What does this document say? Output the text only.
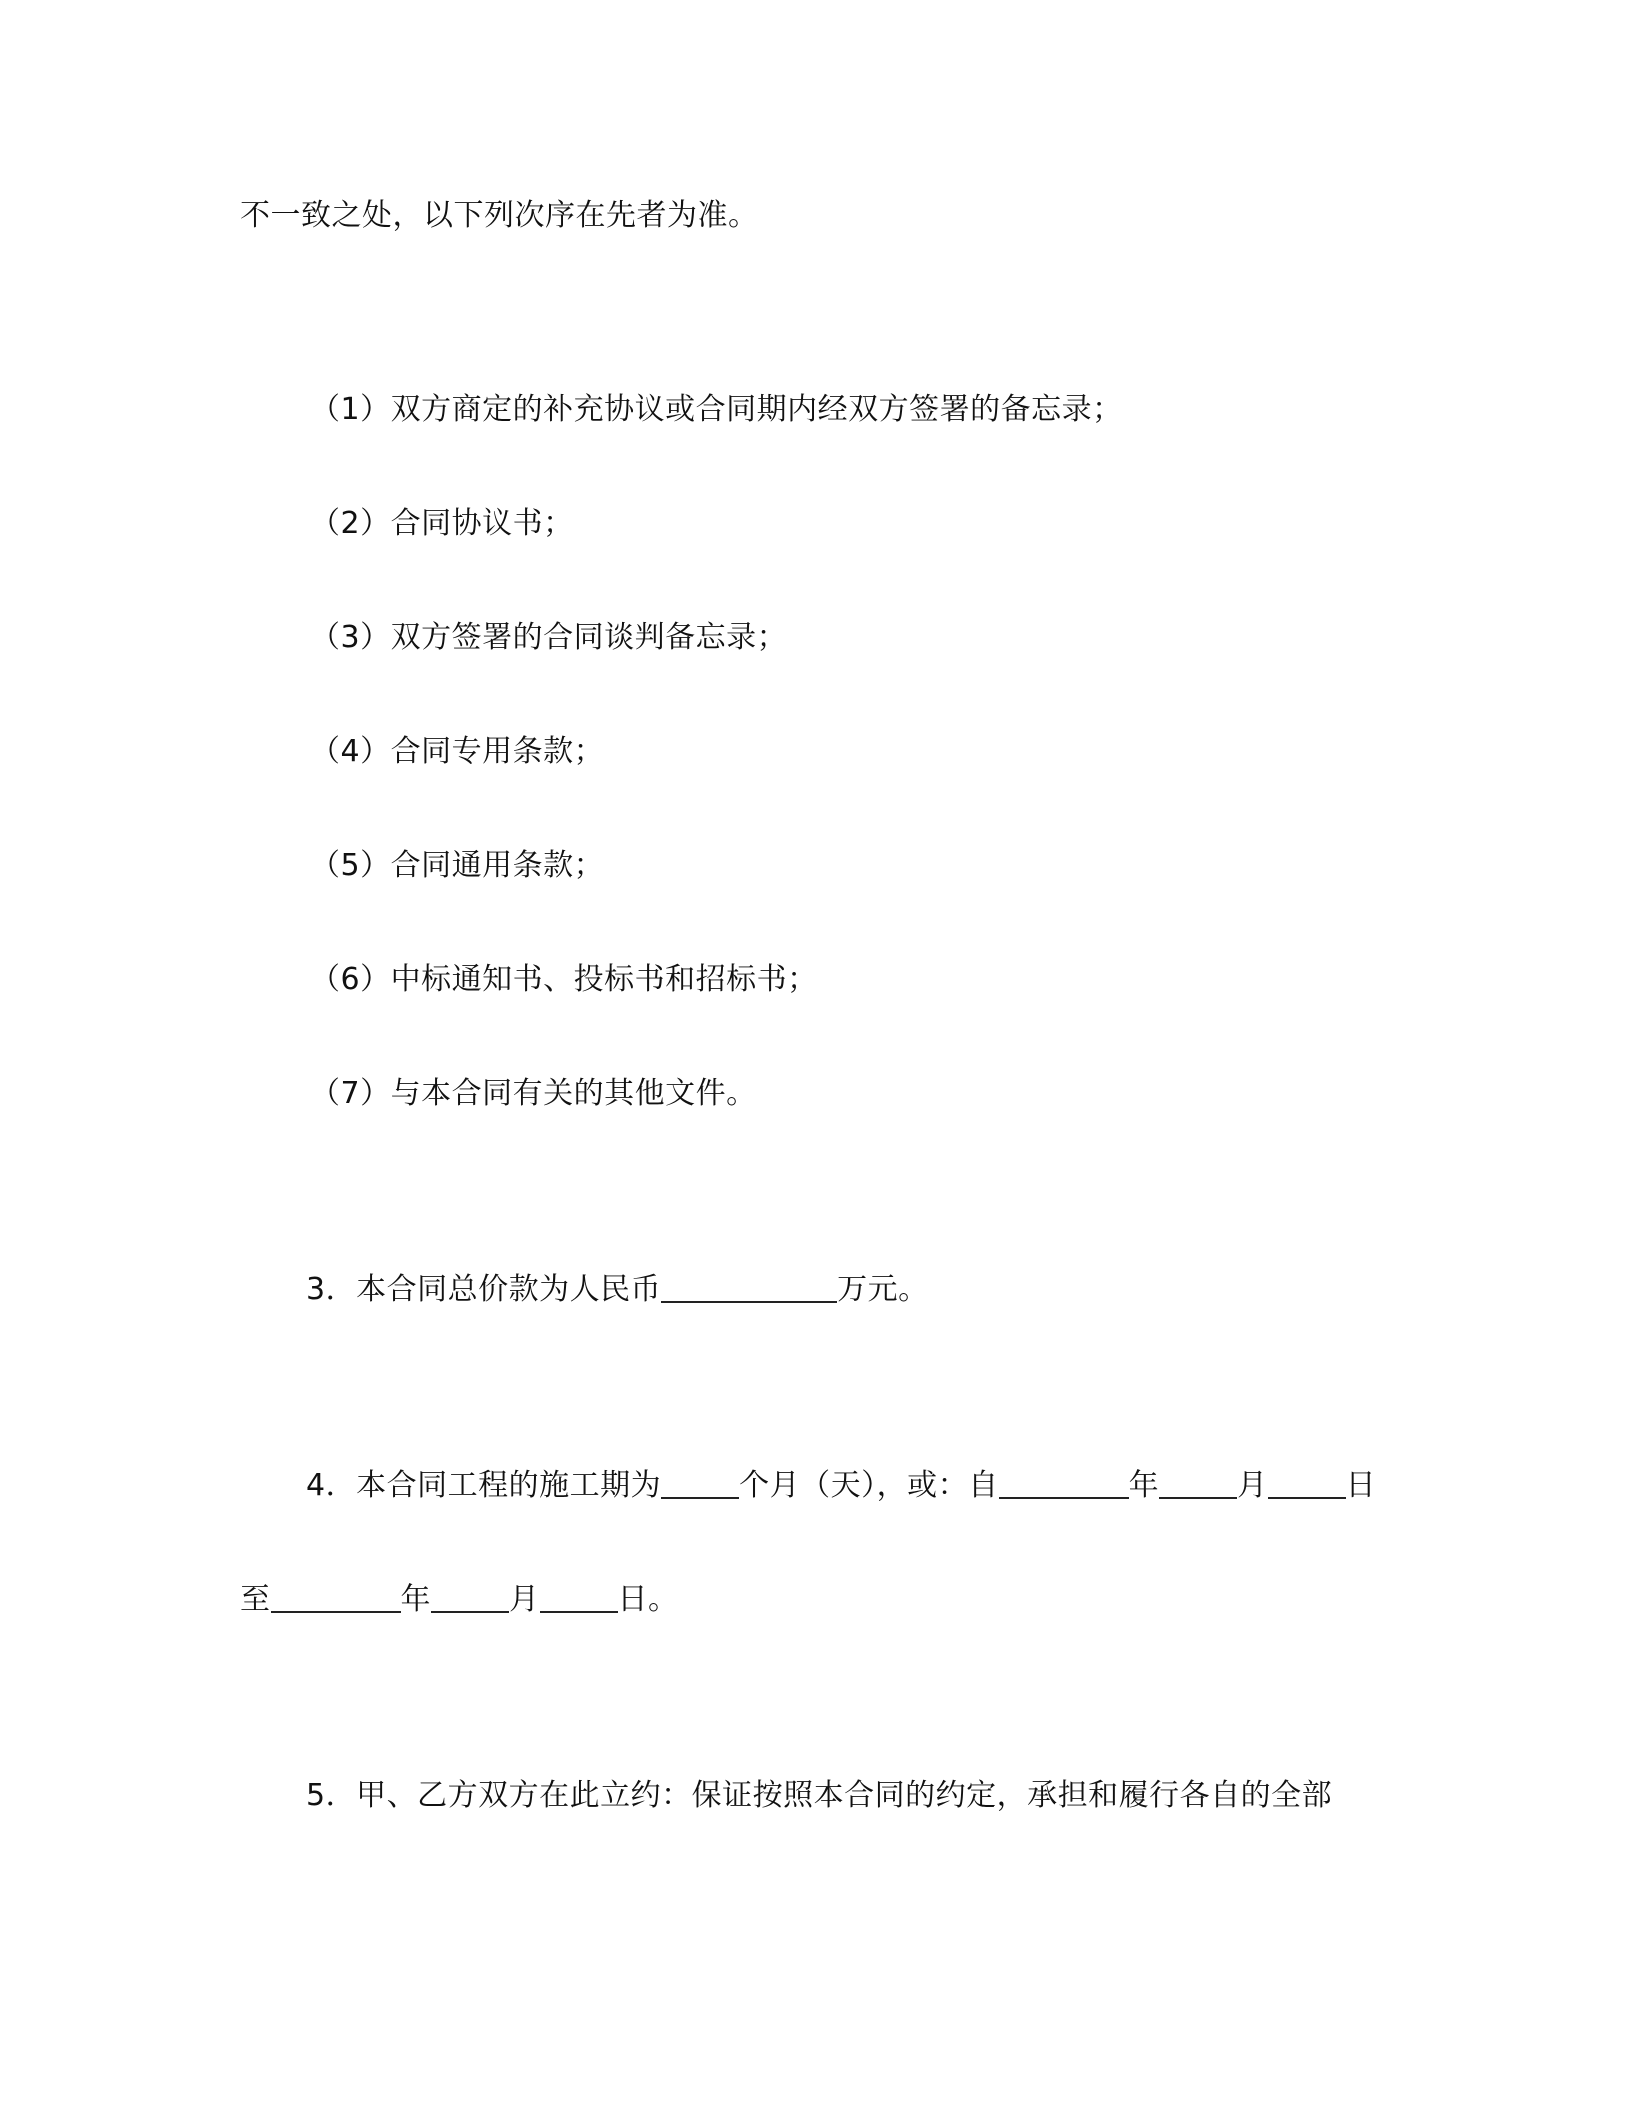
不一致之处，以下列次序在先者为准。
（1）双方商定的补充协议或合同期内经双方签署的备忘录；
（2）合同协议书；
（3）双方签署的合同谈判备忘录；
（4）合同专用条款；
（5）合同通用条款；
（6）中标通知书、投标书和招标书；
（7）与本合同有关的其他文件。
3．本合同总价款为人民币	万元。
4．本合同工程的施工期为	个月（天），或：自	年	月	日
至	年	月	日。
5．甲、乙方双方在此立约：保证按照本合同的约定，承担和履行各自的全部
